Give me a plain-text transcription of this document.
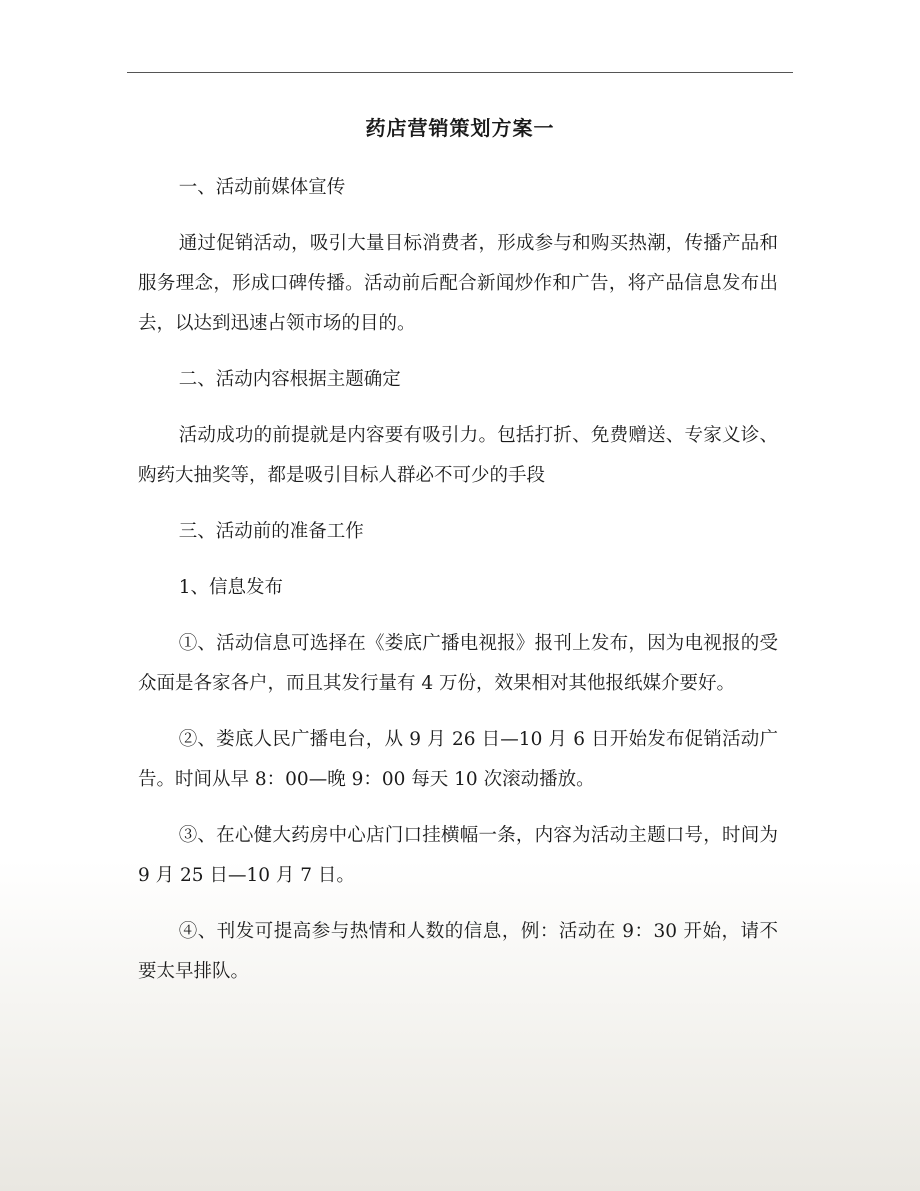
药店营销策划方案一

一、活动前媒体宣传

通过促销活动，吸引大量目标消费者，形成参与和购买热潮，传播产品和服务理念，形成口碑传播。活动前后配合新闻炒作和广告，将产品信息发布出去，以达到迅速占领市场的目的。

二、活动内容根据主题确定

活动成功的前提就是内容要有吸引力。包括打折、免费赠送、专家义诊、购药大抽奖等，都是吸引目标人群必不可少的手段

三、活动前的准备工作

1、信息发布

①、活动信息可选择在《娄底广播电视报》报刊上发布，因为电视报的受众面是各家各户，而且其发行量有 4 万份，效果相对其他报纸媒介要好。

②、娄底人民广播电台，从 9 月 26 日—10 月 6 日开始发布促销活动广告。时间从早 8：00—晚 9：00 每天 10 次滚动播放。

③、在心健大药房中心店门口挂横幅一条，内容为活动主题口号，时间为 9 月 25 日—10 月 7 日。

④、刊发可提高参与热情和人数的信息，例：活动在 9：30 开始，请不要太早排队。
